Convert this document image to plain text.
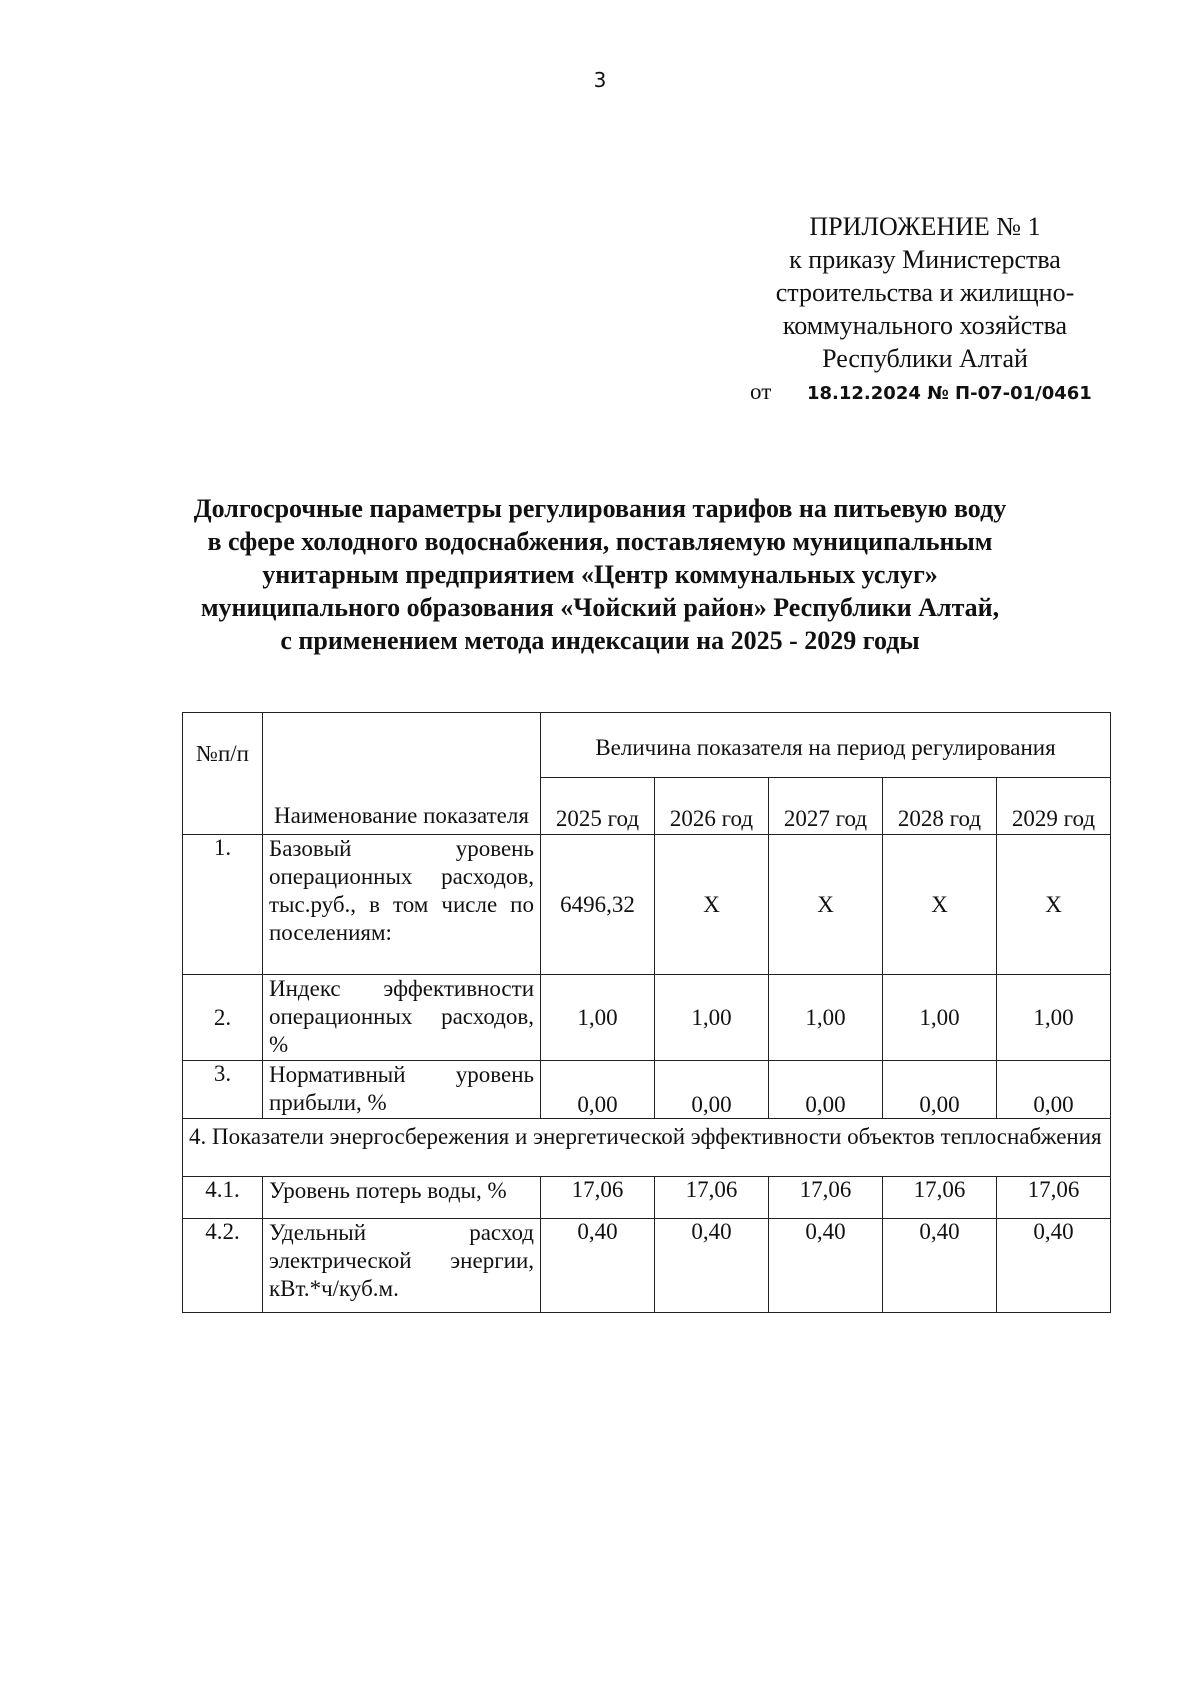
3
ПРИЛОЖЕНИЕ № 1
к приказу Министерства
строительства и жилищно-
коммунального хозяйства
Республики Алтай
от 18.12.2024 № П-07-01/0461
Долгосрочные параметры регулирования тарифов на питьевую воду
в сфере холодного водоснабжения, поставляемую муниципальным
унитарным предприятием «Центр коммунальных услуг»
муниципального образования «Чойский район» Республики Алтай,
с применением метода индексации на 2025 - 2029 годы
№п/п	Наименование показателя	Величина показателя на период регулирования				
		2025 год	2026 год	2027 год	2028 год	2029 год
1.	Базовый уровень операционных расходов, тыс.руб., в том числе по поселениям:	6496,32	Х	Х	Х	Х
2.	Индекс эффективности операционных расходов, %	1,00	1,00	1,00	1,00	1,00
3.	Нормативный уровень прибыли, %	0,00	0,00	0,00	0,00	0,00
4. Показатели энергосбережения и энергетической эффективности объектов теплоснабжения						
4.1.	Уровень потерь воды, %	17,06	17,06	17,06	17,06	17,06
4.2.	Удельный расход электрической энергии, кВт.*ч/куб.м.	0,40	0,40	0,40	0,40	0,40
